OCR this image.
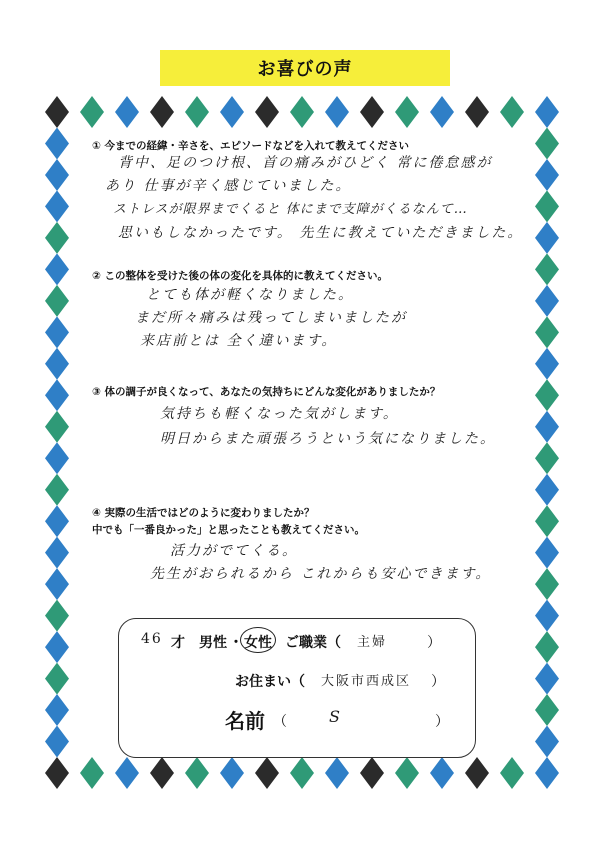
お喜びの声
① 今までの経緯・辛さを、エピソードなどを入れて教えてください
背中、足のつけ根、首の痛みがひどく 常に倦怠感が
あり 仕事が辛く感じていました。
ストレスが限界までくると 体にまで支障がくるなんて…
思いもしなかったです。 先生に教えていただきました。
② この整体を受けた後の体の変化を具体的に教えてください。
とても体が軽くなりました。
まだ所々痛みは残ってしまいましたが
来店前とは 全く違います。
③ 体の調子が良くなって、あなたの気持ちにどんな変化がありましたか？
気持ちも軽くなった気がします。
明日からまた頑張ろうという気になりました。
④ 実際の生活ではどのように変わりましたか？
中でも「一番良かった」と思ったことも教えてください。
活力がでてくる。
先生がおられるから これからも安心できます。
46 才 男性 ・ 女性 ご職業（ 主婦	）
お住まい（ 大阪市西成区 ）
名前 （	S	）
